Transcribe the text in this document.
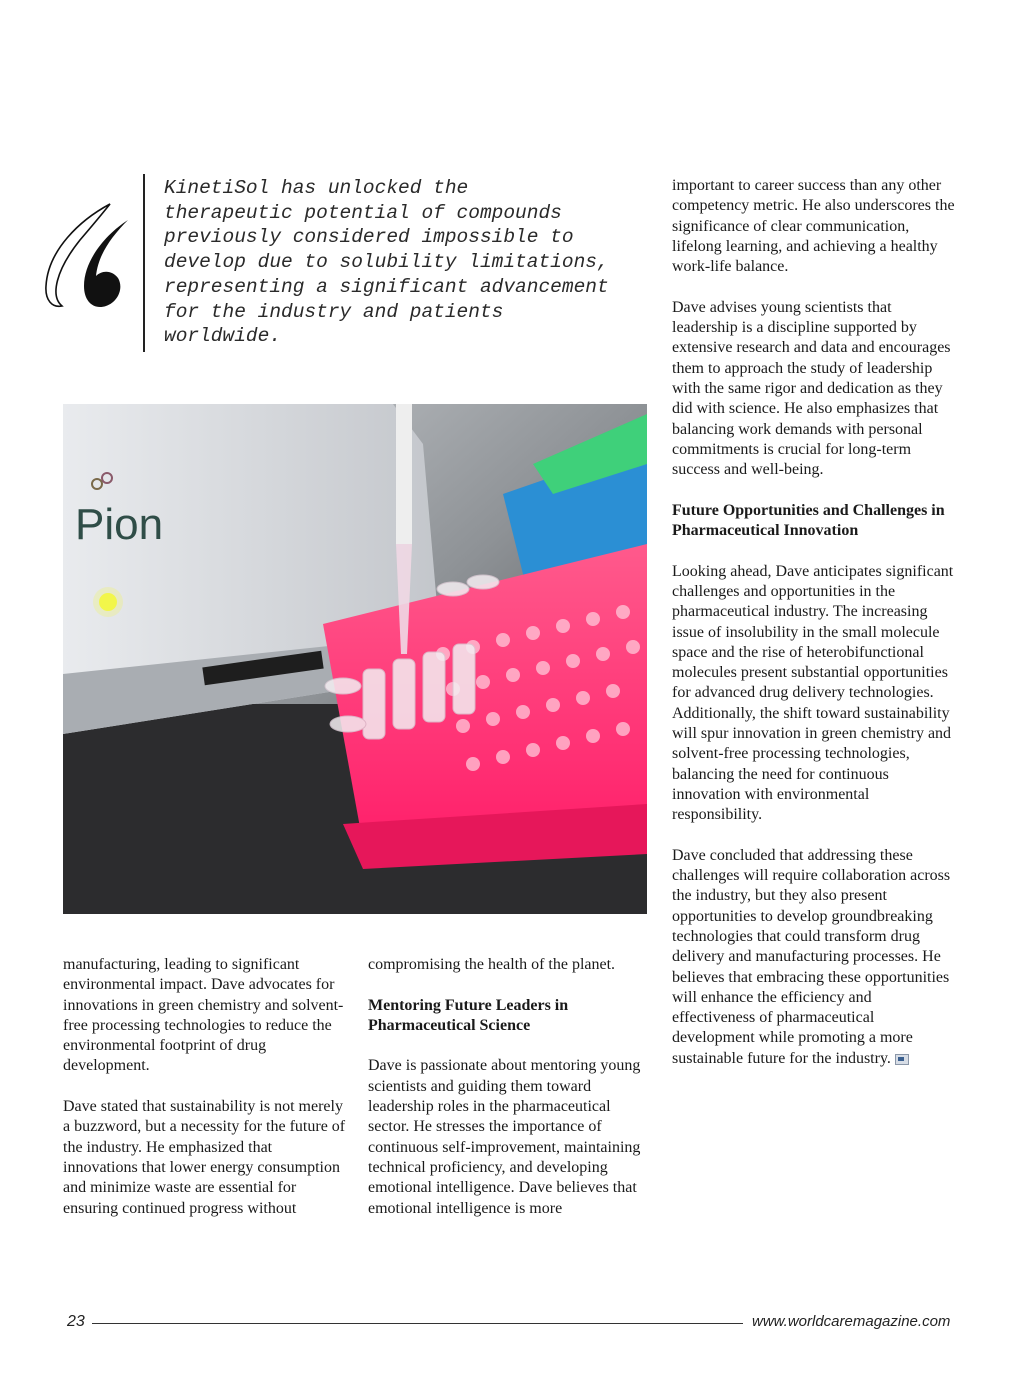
KinetiSol has unlocked the
therapeutic potential of compounds
previously considered impossible to
develop due to solubility limitations,
representing a significant advancement
for the industry and patients
worldwide.

Pion

manufacturing, leading to significant environmental impact. Dave advocates for innovations in green chemistry and solvent-free processing technologies to reduce the environmental footprint of drug development.

Dave stated that sustainability is not merely a buzzword, but a necessity for the future of the industry. He emphasized that innovations that lower energy consumption and minimize waste are essential for ensuring continued progress without

compromising the health of the planet.

Mentoring Future Leaders in Pharmaceutical Science

Dave is passionate about mentoring young scientists and guiding them toward leadership roles in the pharmaceutical sector. He stresses the importance of continuous self-improvement, maintaining technical proficiency, and developing emotional intelligence. Dave believes that emotional intelligence is more

important to career success than any other competency metric. He also underscores the significance of clear communication, lifelong learning, and achieving a healthy work-life balance.

Dave advises young scientists that leadership is a discipline supported by extensive research and data and encourages them to approach the study of leadership with the same rigor and dedication as they did with science. He also emphasizes that balancing work demands with personal commitments is crucial for long-term success and well-being.

Future Opportunities and Challenges in Pharmaceutical Innovation

Looking ahead, Dave anticipates significant challenges and opportunities in the pharmaceutical industry. The increasing issue of insolubility in the small molecule space and the rise of heterobifunctional molecules present substantial opportunities for advanced drug delivery technologies. Additionally, the shift toward sustainability will spur innovation in green chemistry and solvent-free processing technologies, balancing the need for continuous innovation with environmental responsibility.

Dave concluded that addressing these challenges will require collaboration across the industry, but they also present opportunities to develop groundbreaking technologies that could transform drug delivery and manufacturing processes. He believes that embracing these opportunities will enhance the efficiency and effectiveness of pharmaceutical development while promoting a more sustainable future for the industry.

23	www.worldcaremagazine.com
